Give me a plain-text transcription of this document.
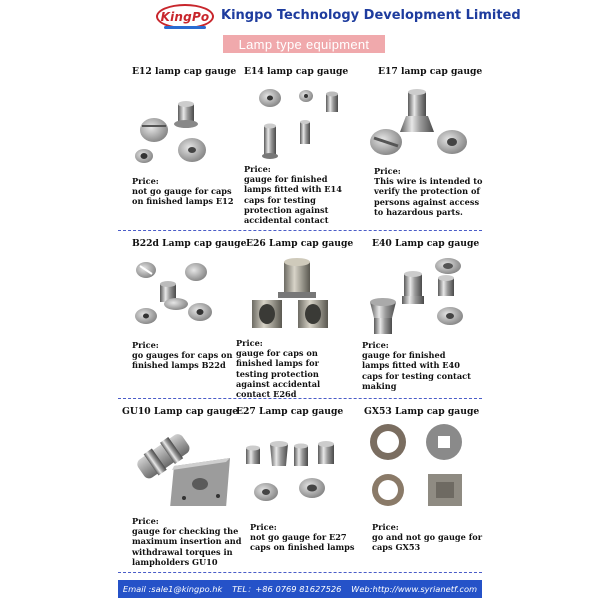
KingPo Kingpo Technology Development Limited
Lamp type equipment
E12 lamp cap gauge
Price:
not go gauge for caps on finished lamps E12
E14 lamp cap gauge
Price:
gauge for finished lamps fitted with E14 caps for testing protection against accidental contact
E17 lamp cap gauge
Price:
This wire is intended to verify the protection of persons against access to hazardous parts.
B22d Lamp cap gauge
Price:
go gauges for caps on finished lamps B22d
E26 Lamp cap gauge
Price:
gauge for caps on finished lamps for testing protection against accidental contact E26d
E40 Lamp cap gauge
Price:
gauge for finished lamps fitted with E40 caps for testing contact making
GU10 Lamp cap gauge
Price:
gauge for checking the maximum insertion and withdrawal torques in lampholders GU10
E27 Lamp cap gauge
Price:
not go gauge for E27 caps on finished lamps
GX53 Lamp cap gauge
Price:
go and not go gauge for caps GX53
Email :sale1@kingpo.hk TEL：+86 0769 81627526 Web:http://www.syrianetf.com
